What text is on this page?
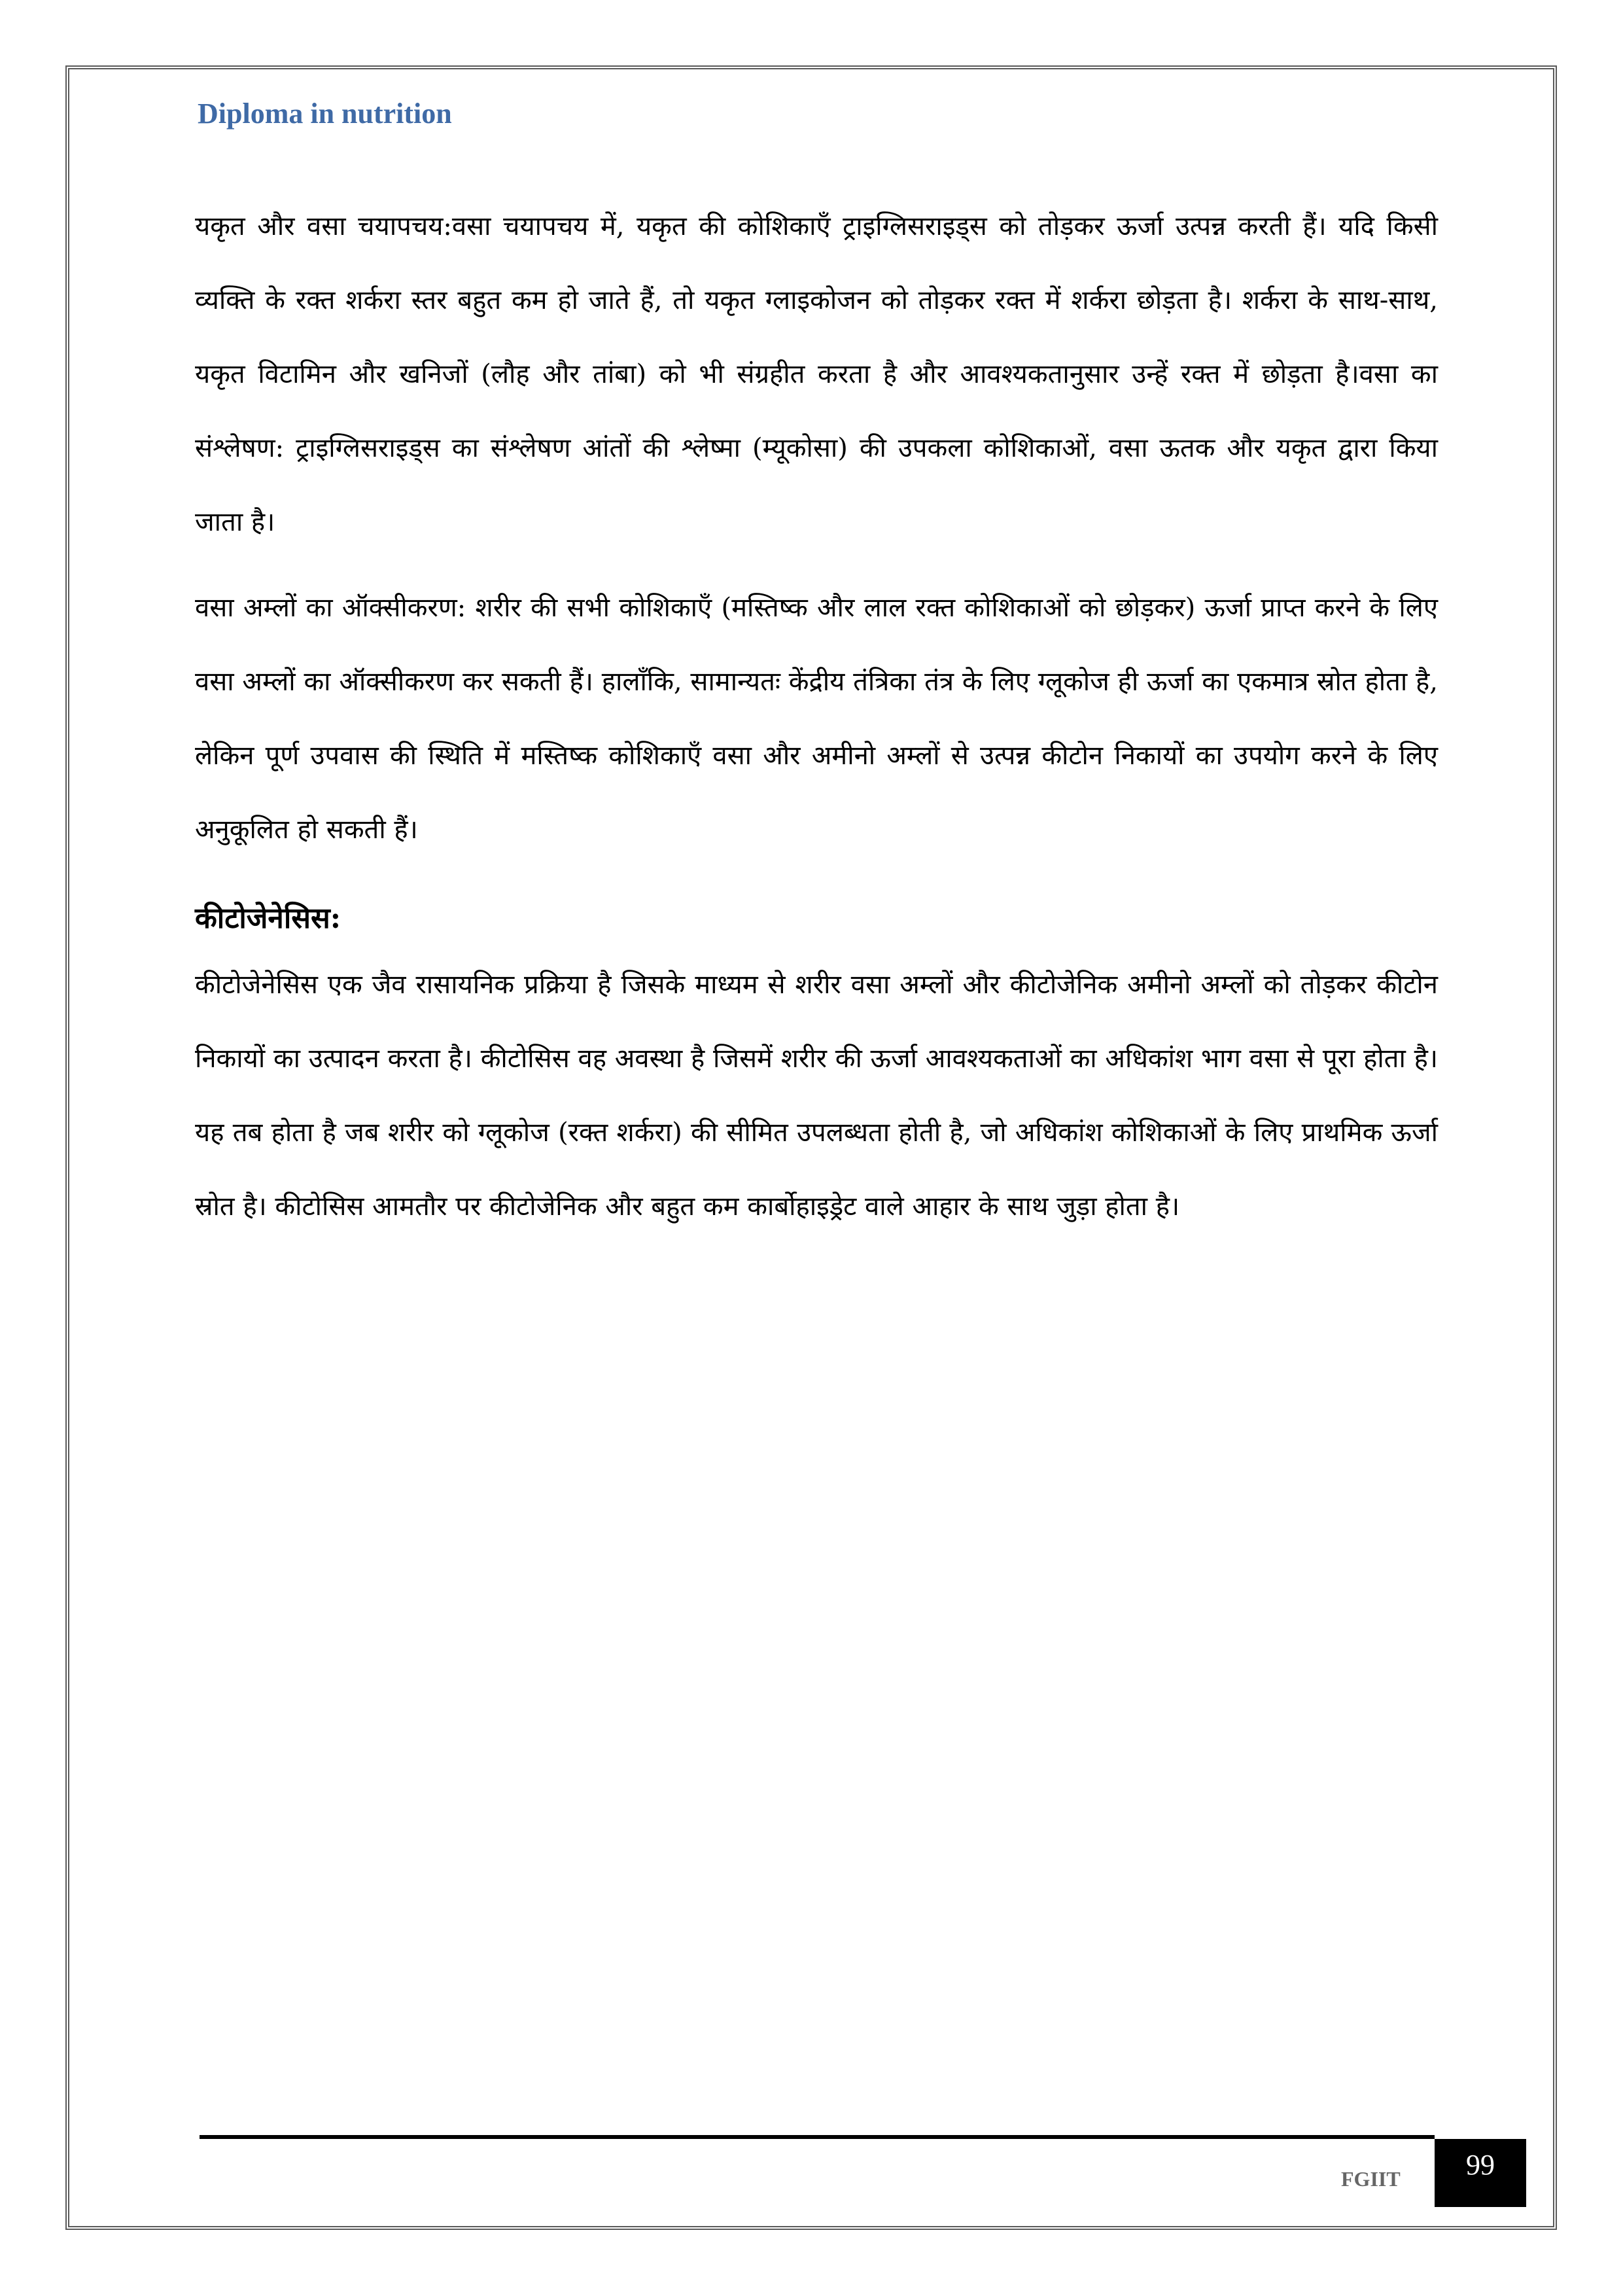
Diploma in nutrition

यकृत और वसा चयापचय:वसा चयापचय में, यकृत की कोशिकाएँ ट्राइग्लिसराइड्स को तोड़कर ऊर्जा उत्पन्न करती हैं। यदि किसी व्यक्ति के रक्त शर्करा स्तर बहुत कम हो जाते हैं, तो यकृत ग्लाइकोजन को तोड़कर रक्त में शर्करा छोड़ता है। शर्करा के साथ-साथ, यकृत विटामिन और खनिजों (लौह और तांबा) को भी संग्रहीत करता है और आवश्यकतानुसार उन्हें रक्त में छोड़ता है।वसा का संश्लेषण: ट्राइग्लिसराइड्स का संश्लेषण आंतों की श्लेष्मा (म्यूकोसा) की उपकला कोशिकाओं, वसा ऊतक और यकृत द्वारा किया जाता है।

वसा अम्लों का ऑक्सीकरण: शरीर की सभी कोशिकाएँ (मस्तिष्क और लाल रक्त कोशिकाओं को छोड़कर) ऊर्जा प्राप्त करने के लिए वसा अम्लों का ऑक्सीकरण कर सकती हैं। हालाँकि, सामान्यतः केंद्रीय तंत्रिका तंत्र के लिए ग्लूकोज ही ऊर्जा का एकमात्र स्रोत होता है, लेकिन पूर्ण उपवास की स्थिति में मस्तिष्क कोशिकाएँ वसा और अमीनो अम्लों से उत्पन्न कीटोन निकायों का उपयोग करने के लिए अनुकूलित हो सकती हैं।

कीटोजेनेसिस:

कीटोजेनेसिस एक जैव रासायनिक प्रक्रिया है जिसके माध्यम से शरीर वसा अम्लों और कीटोजेनिक अमीनो अम्लों को तोड़कर कीटोन निकायों का उत्पादन करता है। कीटोसिस वह अवस्था है जिसमें शरीर की ऊर्जा आवश्यकताओं का अधिकांश भाग वसा से पूरा होता है। यह तब होता है जब शरीर को ग्लूकोज (रक्त शर्करा) की सीमित उपलब्धता होती है, जो अधिकांश कोशिकाओं के लिए प्राथमिक ऊर्जा स्रोत है। कीटोसिस आमतौर पर कीटोजेनिक और बहुत कम कार्बोहाइड्रेट वाले आहार के साथ जुड़ा होता है।

FGIIT	99
